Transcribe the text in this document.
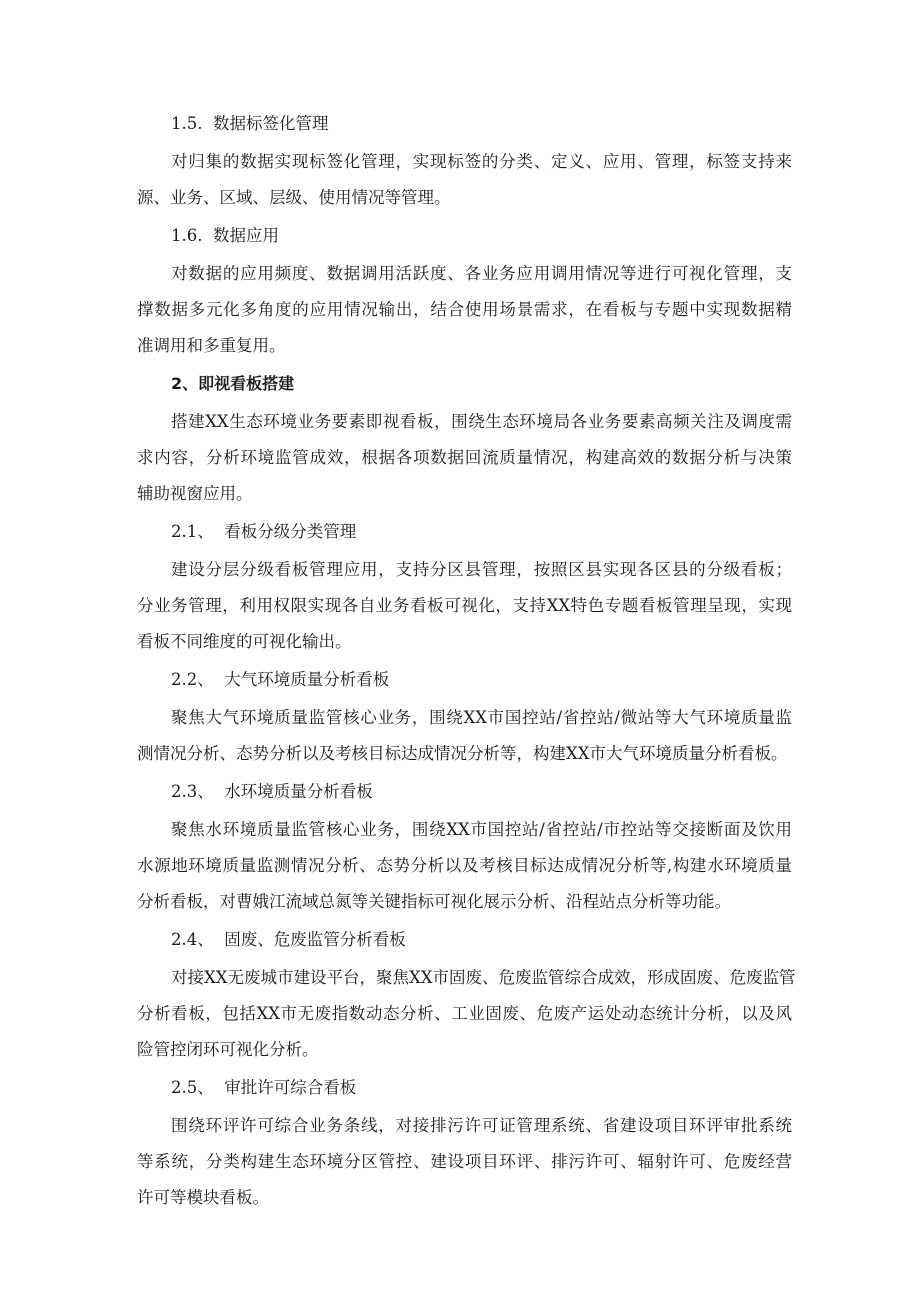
1.5.  数据标签化管理
对归集的数据实现标签化管理，实现标签的分类、定义、应用、管理，标签支持来
源、业务、区域、层级、使用情况等管理。
1.6.  数据应用
对数据的应用频度、数据调用活跃度、各业务应用调用情况等进行可视化管理，支
撑数据多元化多角度的应用情况输出，结合使用场景需求，在看板与专题中实现数据精
准调用和多重复用。
2、即视看板搭建
搭建XX生态环境业务要素即视看板，围绕生态环境局各业务要素高频关注及调度需
求内容，分析环境监管成效，根据各项数据回流质量情况，构建高效的数据分析与决策
辅助视窗应用。
2.1、  看板分级分类管理
建设分层分级看板管理应用，支持分区县管理，按照区县实现各区县的分级看板；
分业务管理，利用权限实现各自业务看板可视化，支持XX特色专题看板管理呈现，实现
看板不同维度的可视化输出。
2.2、  大气环境质量分析看板
聚焦大气环境质量监管核心业务，围绕XX市国控站/省控站/微站等大气环境质量监
测情况分析、态势分析以及考核目标达成情况分析等，构建XX市大气环境质量分析看板。
2.3、  水环境质量分析看板
聚焦水环境质量监管核心业务，围绕XX市国控站/省控站/市控站等交接断面及饮用
水源地环境质量监测情况分析、态势分析以及考核目标达成情况分析等,构建水环境质量
分析看板，对曹娥江流域总氮等关键指标可视化展示分析、沿程站点分析等功能。
2.4、  固废、危废监管分析看板
对接XX无废城市建设平台，聚焦XX市固废、危废监管综合成效，形成固废、危废监管
分析看板，包括XX市无废指数动态分析、工业固废、危废产运处动态统计分析，以及风
险管控闭环可视化分析。
2.5、  审批许可综合看板
围绕环评许可综合业务条线，对接排污许可证管理系统、省建设项目环评审批系统
等系统，分类构建生态环境分区管控、建设项目环评、排污许可、辐射许可、危废经营
许可等模块看板。
